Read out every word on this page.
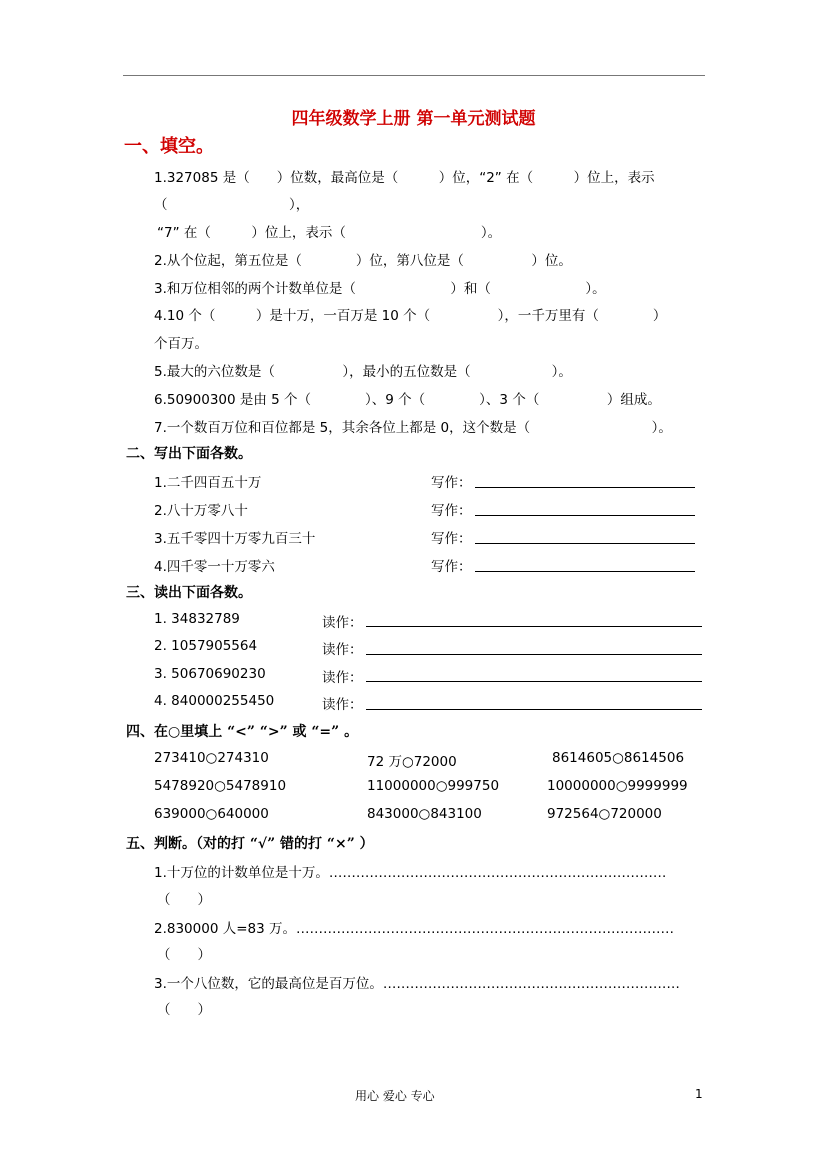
四年级数学上册 第一单元测试题
一、填空。
1.327085 是（　　）位数，最高位是（　　　）位，“2” 在（　　　）位上，表示
（　　　　　　　　　），
“7” 在（　　　）位上，表示（　　　　　　　　　　）。
2.从个位起，第五位是（　　　　）位，第八位是（　　　　　）位。
3.和万位相邻的两个计数单位是（　　　　　　　）和（　　　　　　　）。
4.10 个（　　　）是十万，一百万是 10 个（　　　　　），一千万里有（　　　　）
个百万。
5.最大的六位数是（　　　　　），最小的五位数是（　　　　　　）。
6.50900300 是由 5 个（　　　　）、9 个（　　　　）、3 个（　　　　　）组成。
7.一个数百万位和百位都是 5，其余各位上都是 0，这个数是（　　　　　　　　　）。
二、写出下面各数。
1.二千四百五十万	写作：
2.八十万零八十	写作：
3.五千零四十万零九百三十	写作：
4.四千零一十万零六	写作：
三、读出下面各数。
1. 34832789	读作：
2. 1057905564	读作：
3. 50670690230	读作：
4. 840000255450	读作：
四、在○里填上 “<” “>” 或 “=” 。
273410○274310	72 万○72000	8614605○8614506
5478920○5478910	11000000○999750	10000000○9999999
639000○640000	843000○843100	972564○720000
五、判断。（对的打 “√” 错的打 “×” ）
1.十万位的计数单位是十万。…………………………………………………………………
（　　）
2.830000 人=83 万。…………………………………………………………………………
（　　）
3.一个八位数，它的最高位是百万位。…………………………………………………………
（　　）
用心 爱心 专心	1
